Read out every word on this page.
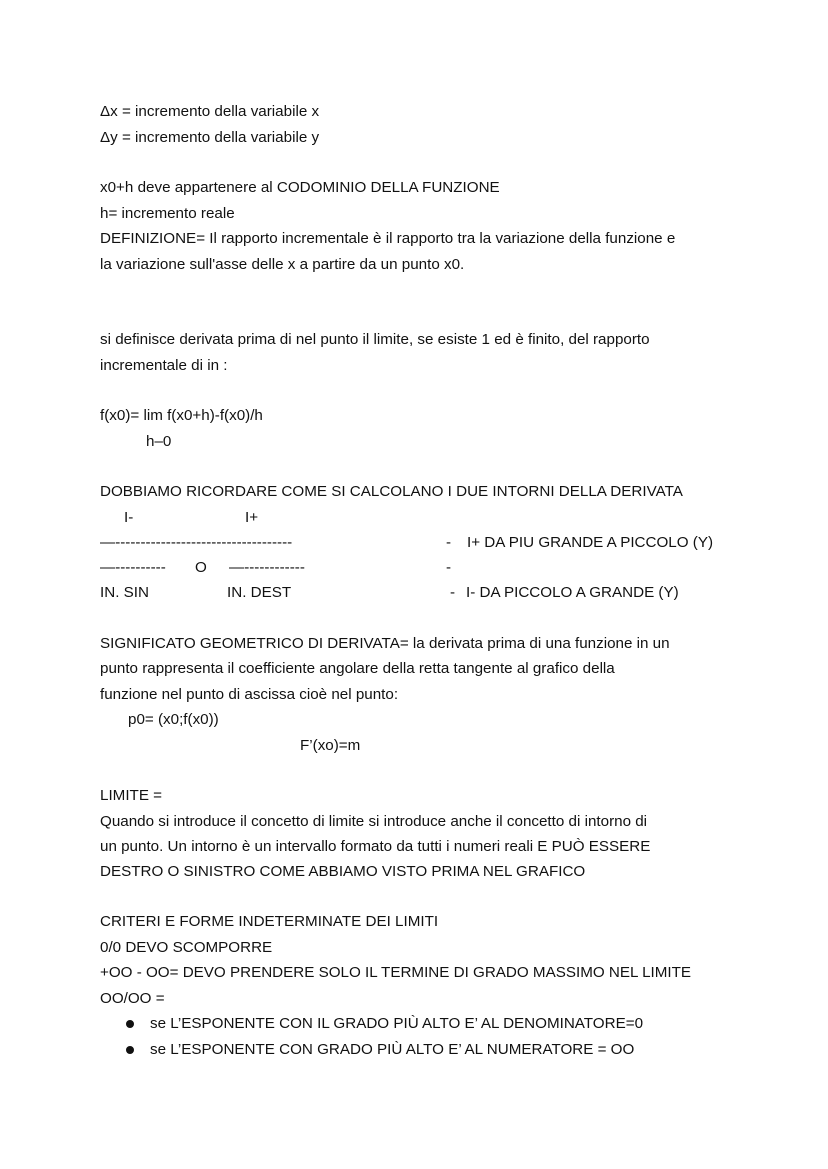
Δx = incremento della variabile x
Δy = incremento della variabile y
x0+h deve appartenere al CODOMINIO DELLA FUNZIONE
h= incremento reale
DEFINIZIONE= Il rapporto incrementale è il rapporto tra la variazione della funzione e
la variazione sull'asse delle x a partire da un punto x0.
si definisce derivata prima di nel punto il limite, se esiste 1 ed è finito, del rapporto
incrementale di in :
f(x0)= lim f(x0+h)-f(x0)/h
h–0
DOBBIAMO RICORDARE COME SI CALCOLANO I DUE INTORNI DELLA DERIVATA
I-	I+
—-----------------------------------	- I+ DA PIU GRANDE A PICCOLO (Y)
—---------- O —------------	-
IN. SIN	IN. DEST	- I- DA PICCOLO A GRANDE (Y)
SIGNIFICATO GEOMETRICO DI DERIVATA= la derivata prima di una funzione in un
punto rappresenta il coefficiente angolare della retta tangente al grafico della
funzione nel punto di ascissa cioè nel punto:
p0= (x0;f(x0))
F’(xo)=m
LIMITE =
Quando si introduce il concetto di limite si introduce anche il concetto di intorno di
un punto. Un intorno è un intervallo formato da tutti i numeri reali E PUÒ ESSERE
DESTRO O SINISTRO COME ABBIAMO VISTO PRIMA NEL GRAFICO
CRITERI E FORME INDETERMINATE DEI LIMITI
0/0 DEVO SCOMPORRE
+OO - OO= DEVO PRENDERE SOLO IL TERMINE DI GRADO MASSIMO NEL LIMITE
OO/OO =
se L’ESPONENTE CON IL GRADO PIÙ ALTO E’ AL DENOMINATORE=0
se L’ESPONENTE CON GRADO PIÙ ALTO E’ AL NUMERATORE = OO
